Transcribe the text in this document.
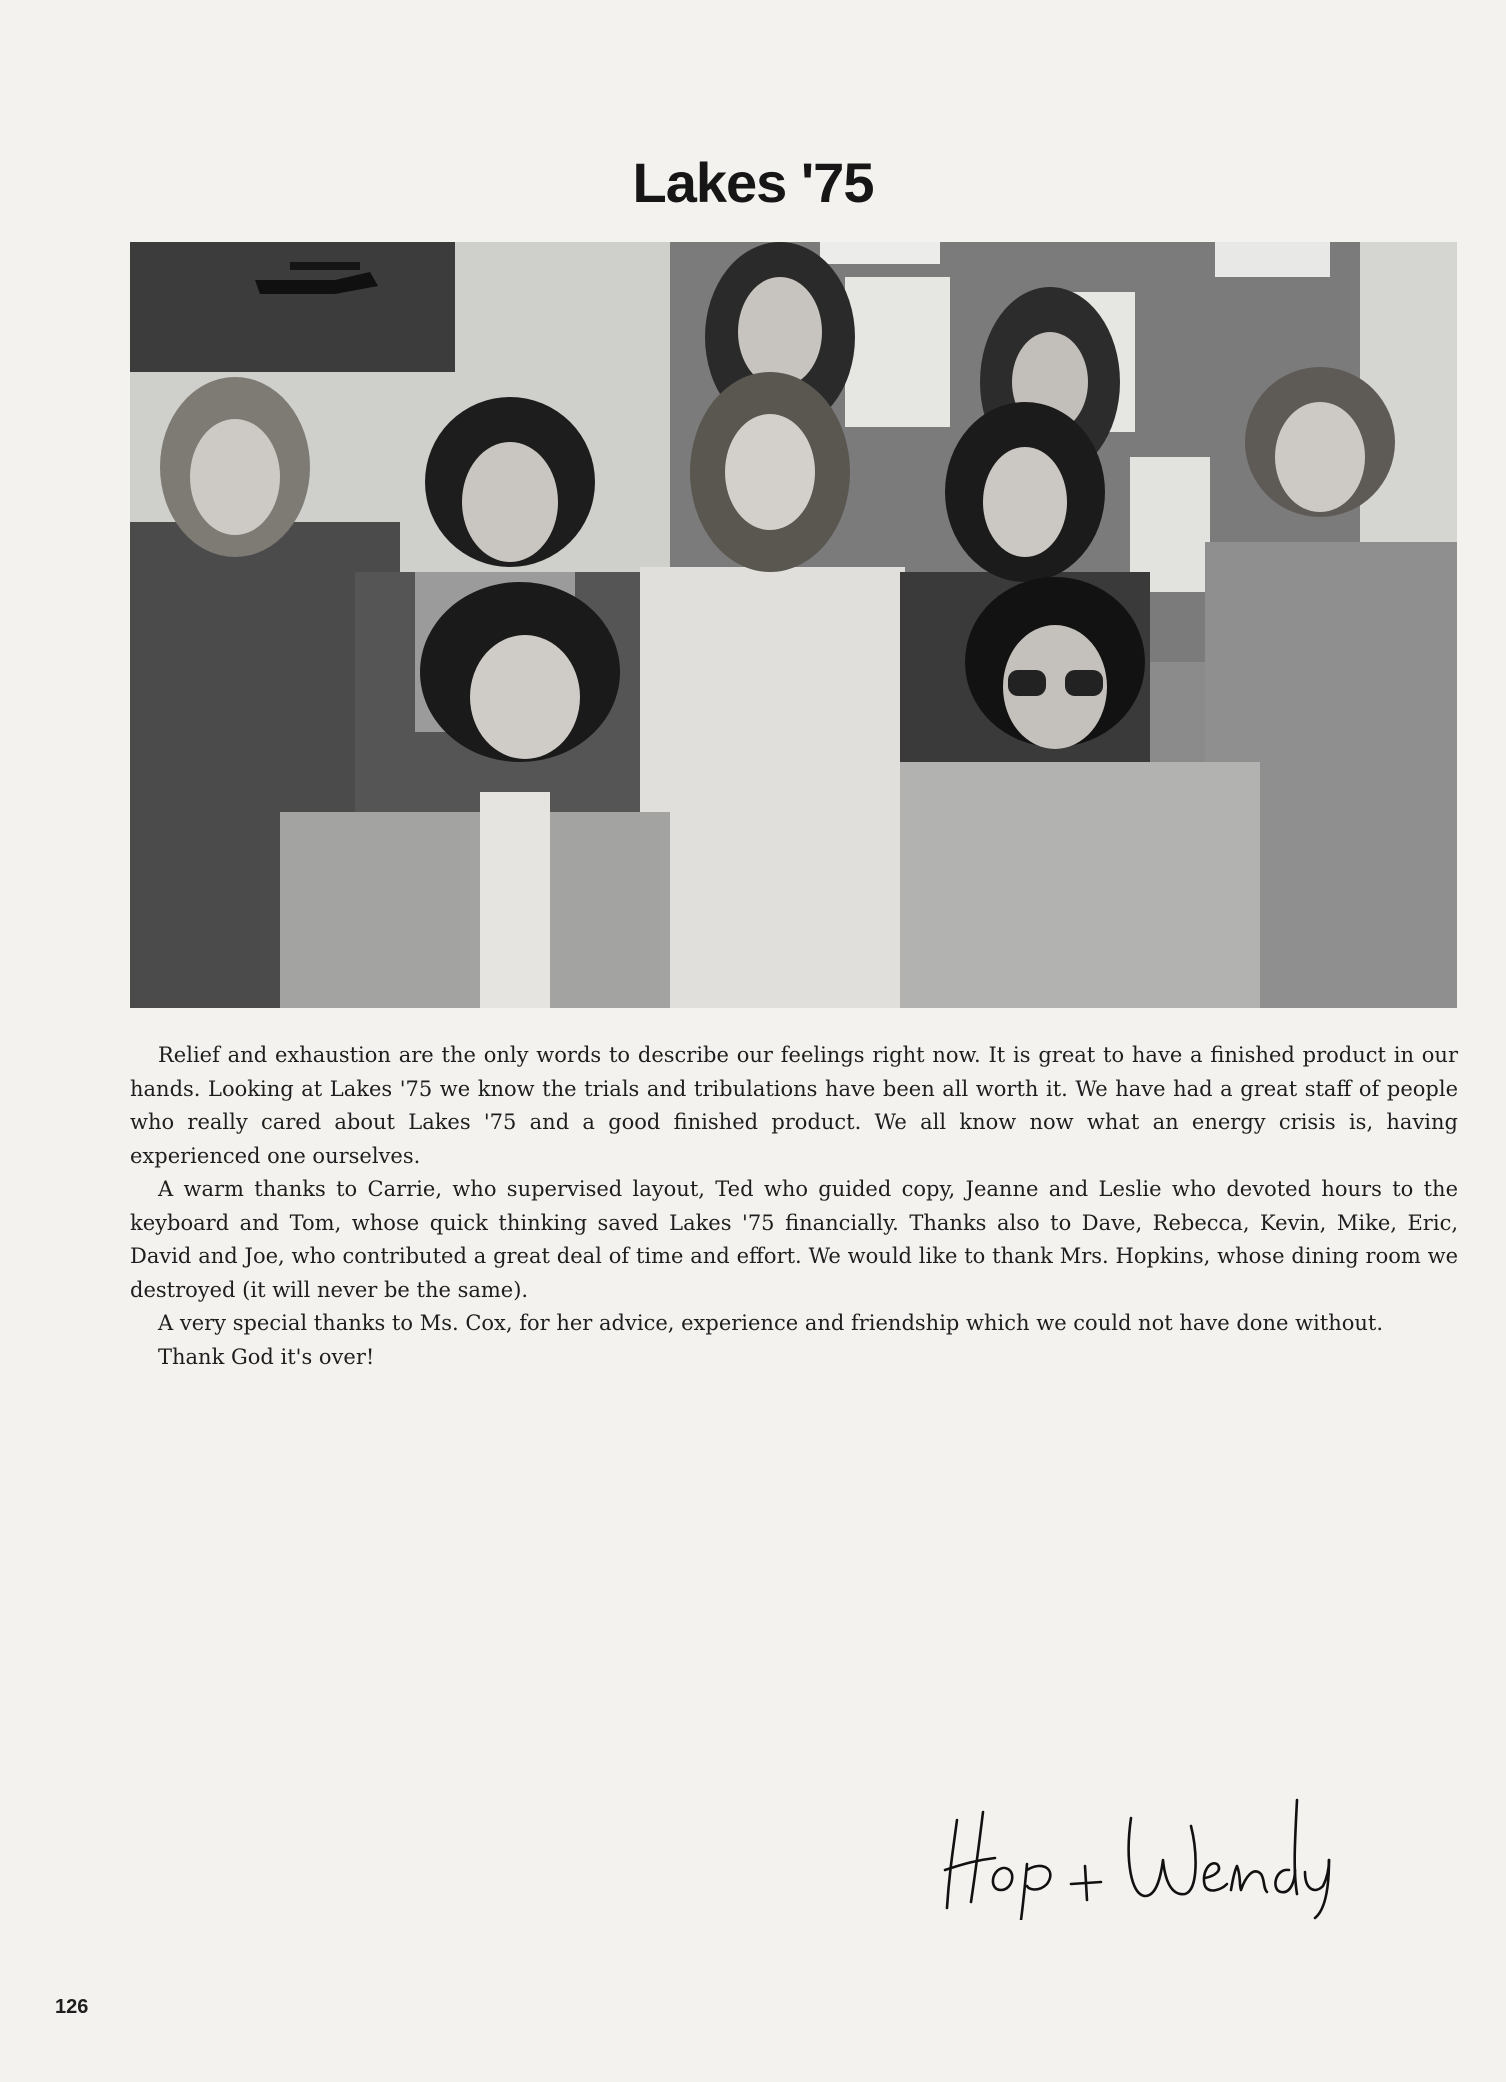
Lakes '75

Relief and exhaustion are the only words to describe our feelings right now. It is great to have a finished product in our hands. Looking at Lakes '75 we know the trials and tribulations have been all worth it. We have had a great staff of people who really cared about Lakes '75 and a good finished product. We all know now what an energy crisis is, having experienced one ourselves.

A warm thanks to Carrie, who supervised layout, Ted who guided copy, Jeanne and Leslie who devoted hours to the keyboard and Tom, whose quick thinking saved Lakes '75 financially. Thanks also to Dave, Rebecca, Kevin, Mike, Eric, David and Joe, who contributed a great deal of time and effort. We would like to thank Mrs. Hopkins, whose dining room we destroyed (it will never be the same).

A very special thanks to Ms. Cox, for her advice, experience and friendship which we could not have done without.

Thank God it's over!

126
